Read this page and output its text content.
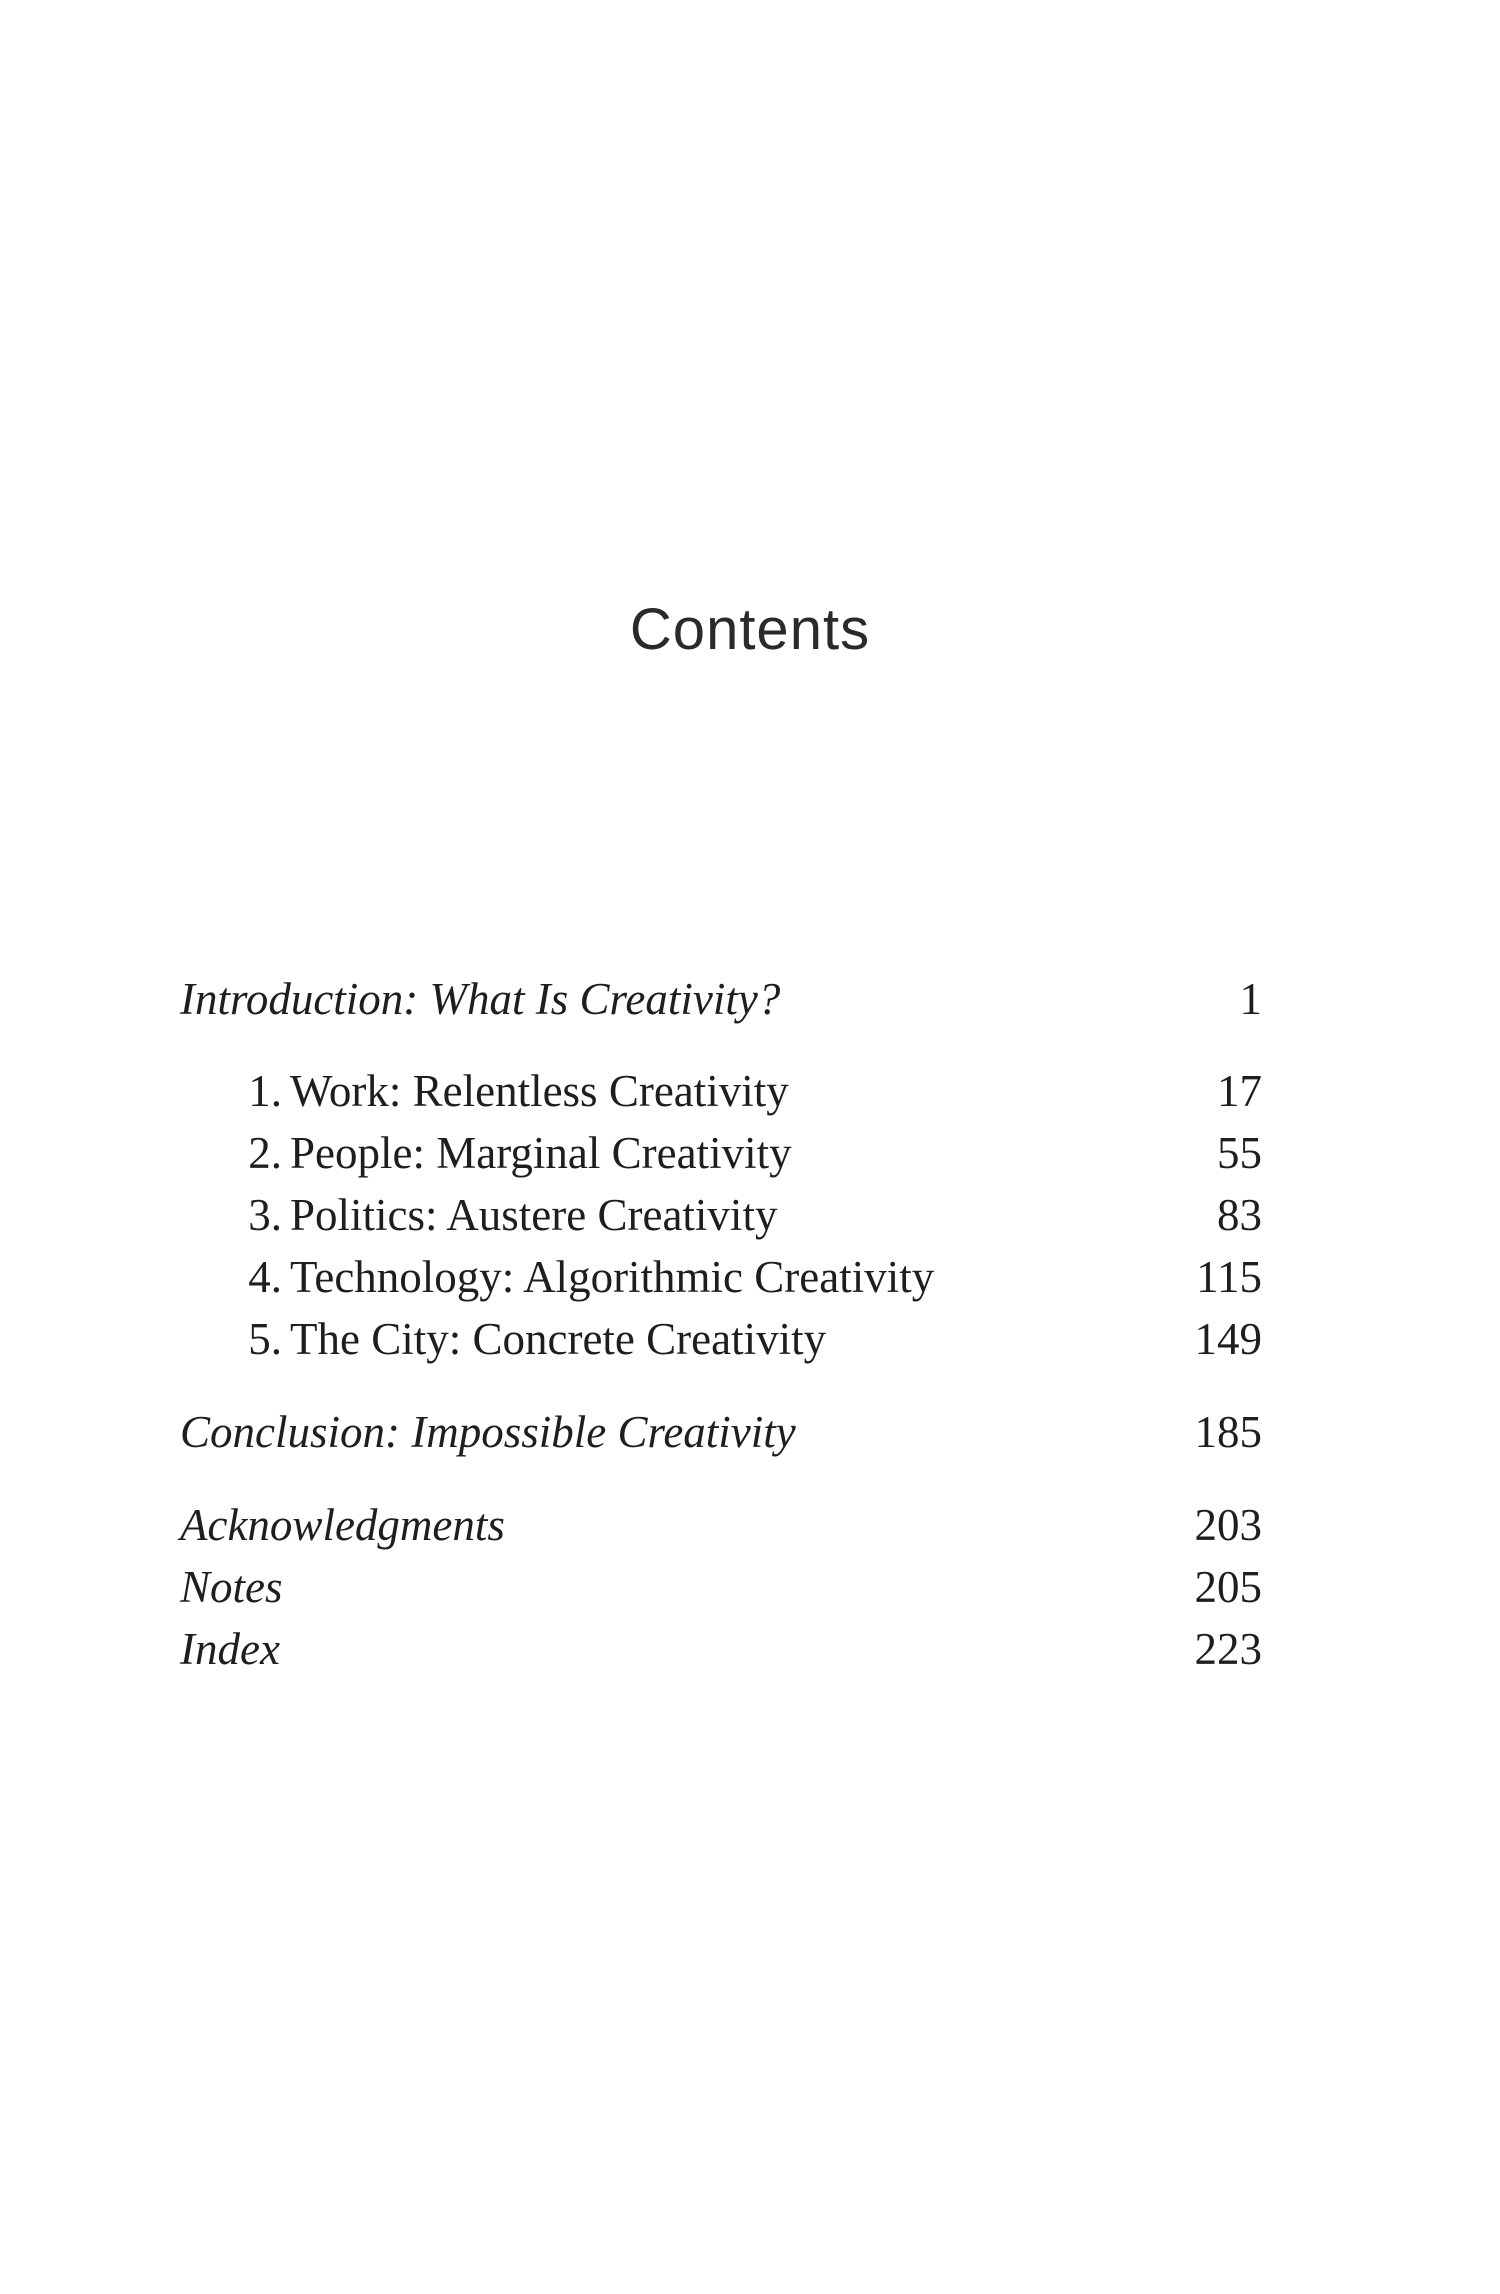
Contents
Introduction: What Is Creativity?	1
1. Work: Relentless Creativity	17
2. People: Marginal Creativity	55
3. Politics: Austere Creativity	83
4. Technology: Algorithmic Creativity	115
5. The City: Concrete Creativity	149
Conclusion: Impossible Creativity	185
Acknowledgments	203
Notes	205
Index	223
